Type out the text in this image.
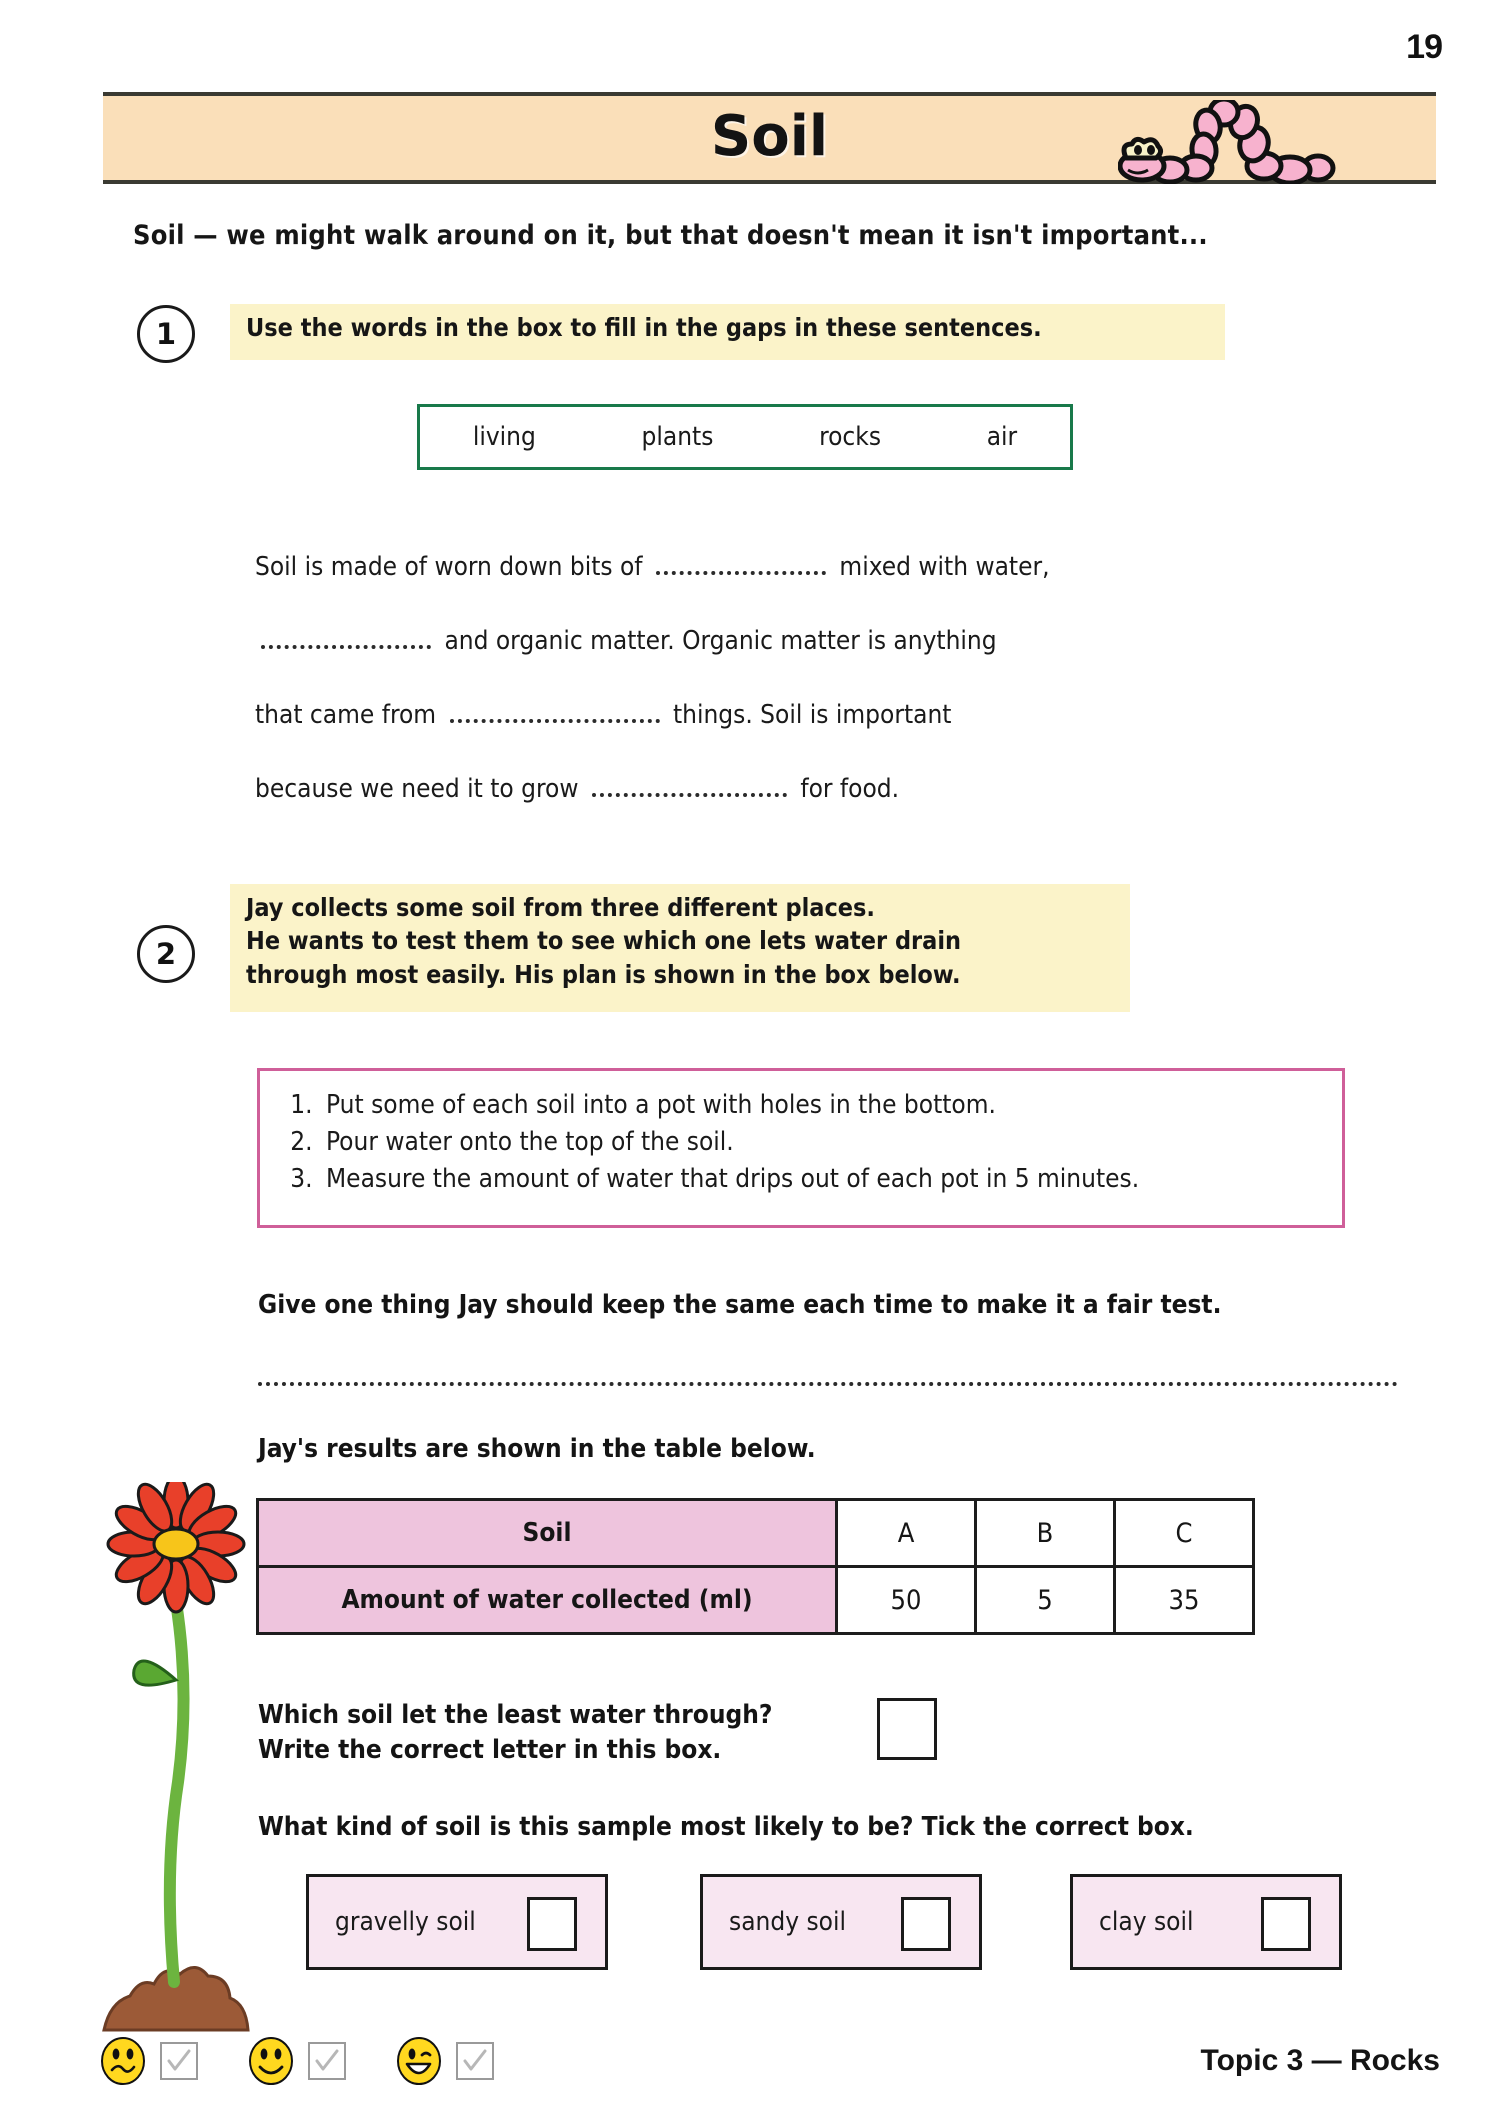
19
Soil
Soil — we might walk around on it, but that doesn't mean it isn't important...
1	Use the words in the box to fill in the gaps in these sentences.
living	plants	rocks	air
Soil is made of worn down bits of	mixed with water,
and organic matter. Organic matter is anything
that came from	things. Soil is important
because we need it to grow	for food.
2
Jay collects some soil from three different places.
He wants to test them to see which one lets water drain
through most easily. His plan is shown in the box below.
1. Put some of each soil into a pot with holes in the bottom.
2. Pour water onto the top of the soil.
3. Measure the amount of water that drips out of each pot in 5 minutes.
Give one thing Jay should keep the same each time to make it a fair test.
Jay's results are shown in the table below.
Soil	A	B	C
Amount of water collected (ml)	50	5	35
Which soil let the least water through?
Write the correct letter in this box.
What kind of soil is this sample most likely to be? Tick the correct box.
gravelly soil	sandy soil	clay soil
Topic 3 — Rocks
